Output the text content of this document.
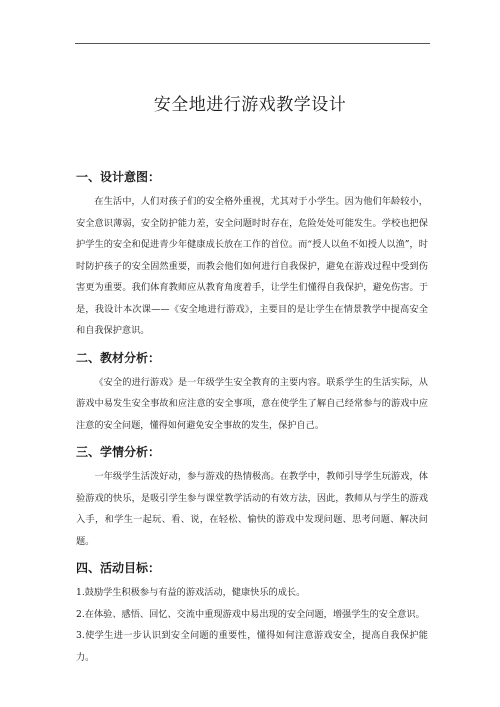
安全地进行游戏教学设计
一、设计意图：
在生活中，人们对孩子们的安全格外重视，尤其对于小学生。因为他们年龄较小，安全意识薄弱，安全防护能力差，安全问题时时存在，危险处处可能发生。学校也把保护学生的安全和促进青少年健康成长放在工作的首位。而“授人以鱼不如授人以渔”，时时防护孩子的安全固然重要，而教会他们如何进行自我保护，避免在游戏过程中受到伤害更为重要。我们体育教师应从教育角度着手，让学生们懂得自我保护，避免伤害。于是，我设计本次课——《安全地进行游戏》，主要目的是让学生在情景教学中提高安全和自我保护意识。
二、教材分析：
《安全的进行游戏》是一年级学生安全教育的主要内容。联系学生的生活实际，从游戏中易发生安全事故和应注意的安全事项，意在使学生了解自己经常参与的游戏中应注意的安全问题，懂得如何避免安全事故的发生，保护自己。
三、学情分析：
一年级学生活泼好动，参与游戏的热情极高。在教学中，教师引导学生玩游戏，体验游戏的快乐，是吸引学生参与课堂教学活动的有效方法，因此，教师从与学生的游戏入手，和学生一起玩、看、说，在轻松、愉快的游戏中发现问题、思考问题、解决问题。
四、活动目标：
1.鼓励学生积极参与有益的游戏活动，健康快乐的成长。
2.在体验、感悟、回忆、交流中重现游戏中易出现的安全问题，增强学生的安全意识。
3.使学生进一步认识到安全问题的重要性，懂得如何注意游戏安全，提高自我保护能力。
